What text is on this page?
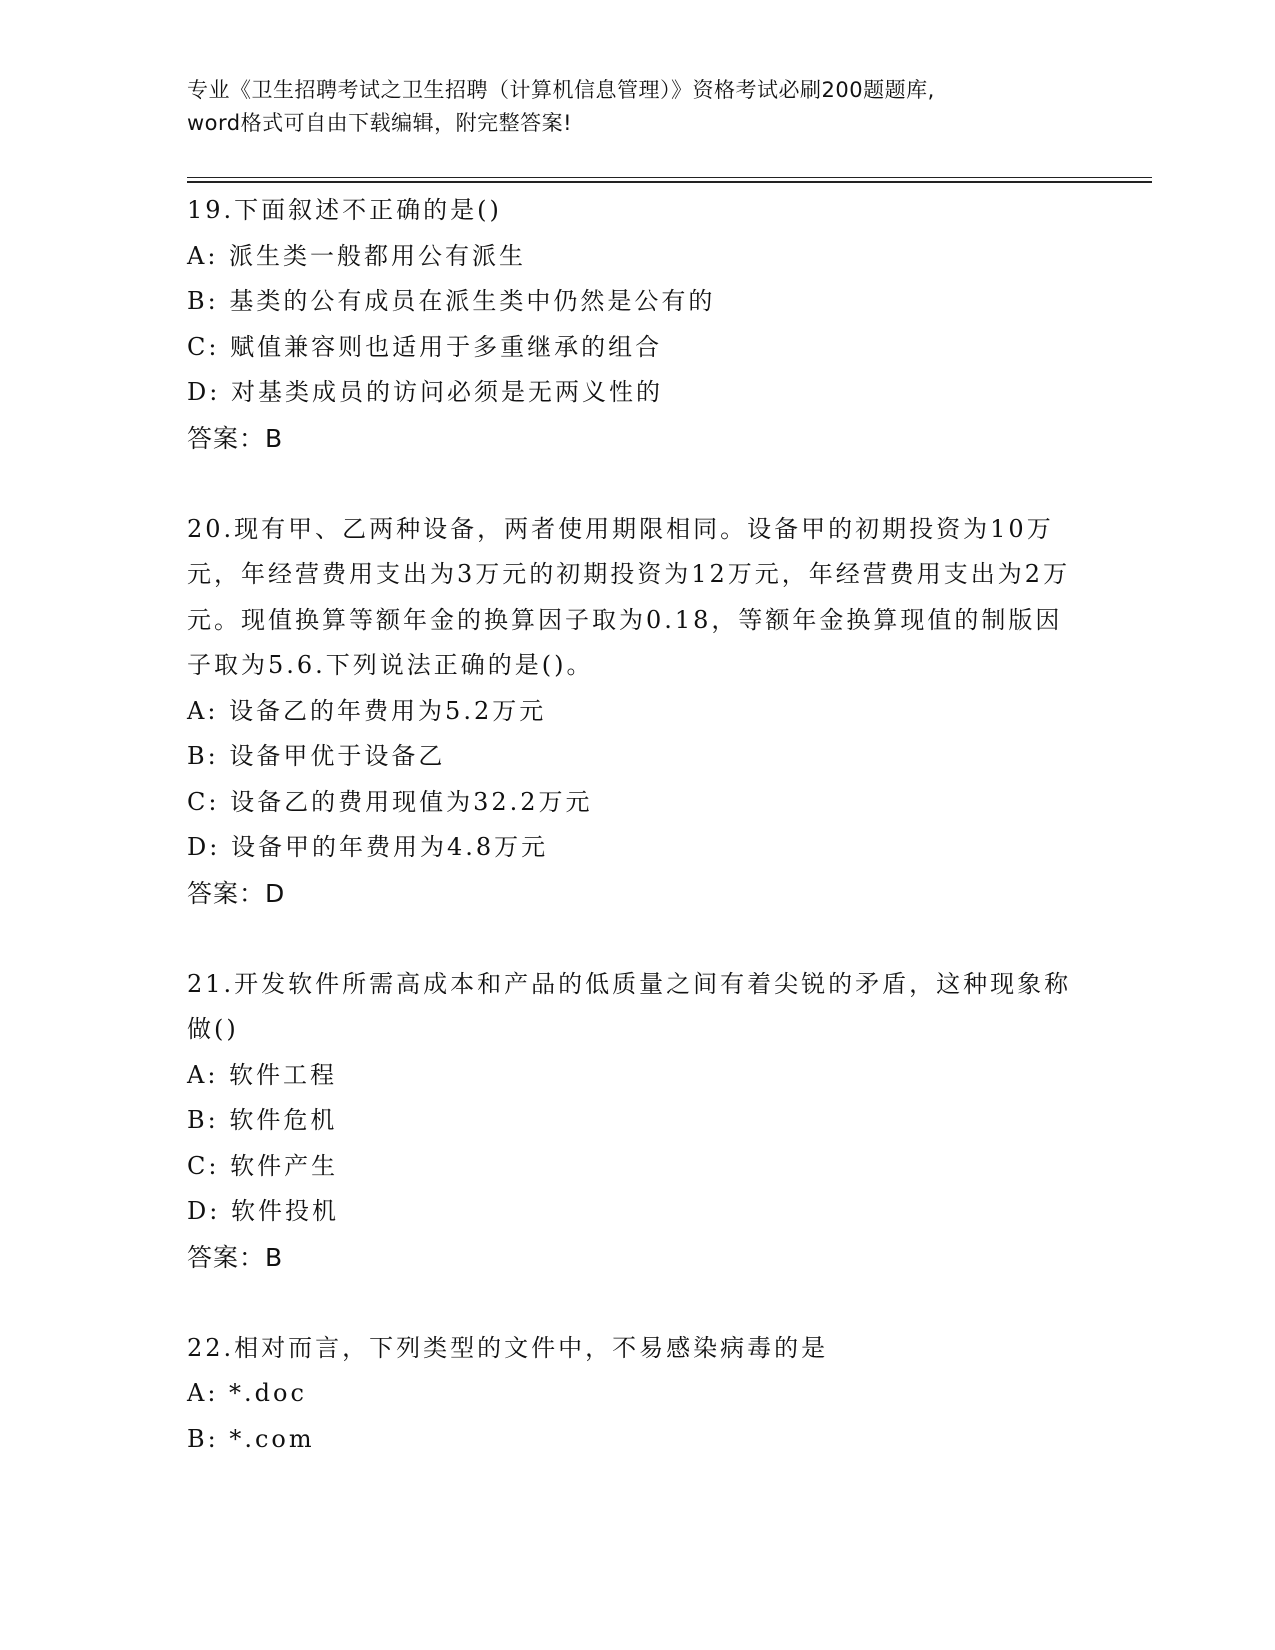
专业《卫生招聘考试之卫生招聘（计算机信息管理）》资格考试必刷200题题库,
word格式可自由下载编辑，附完整答案!
19.下面叙述不正确的是()
A: 派生类一般都用公有派生
B: 基类的公有成员在派生类中仍然是公有的
C: 赋值兼容则也适用于多重继承的组合
D: 对基类成员的访问必须是无两义性的
答案：B
20.现有甲、乙两种设备，两者使用期限相同。设备甲的初期投资为10万元，年经营费用支出为3万元的初期投资为12万元，年经营费用支出为2万元。现值换算等额年金的换算因子取为0.18，等额年金换算现值的制版因子取为5.6.下列说法正确的是()。
A: 设备乙的年费用为5.2万元
B: 设备甲优于设备乙
C: 设备乙的费用现值为32.2万元
D: 设备甲的年费用为4.8万元
答案：D
21.开发软件所需高成本和产品的低质量之间有着尖锐的矛盾，这种现象称做()
A: 软件工程
B: 软件危机
C: 软件产生
D: 软件投机
答案：B
22.相对而言，下列类型的文件中，不易感染病毒的是
A: *.doc
B: *.com
